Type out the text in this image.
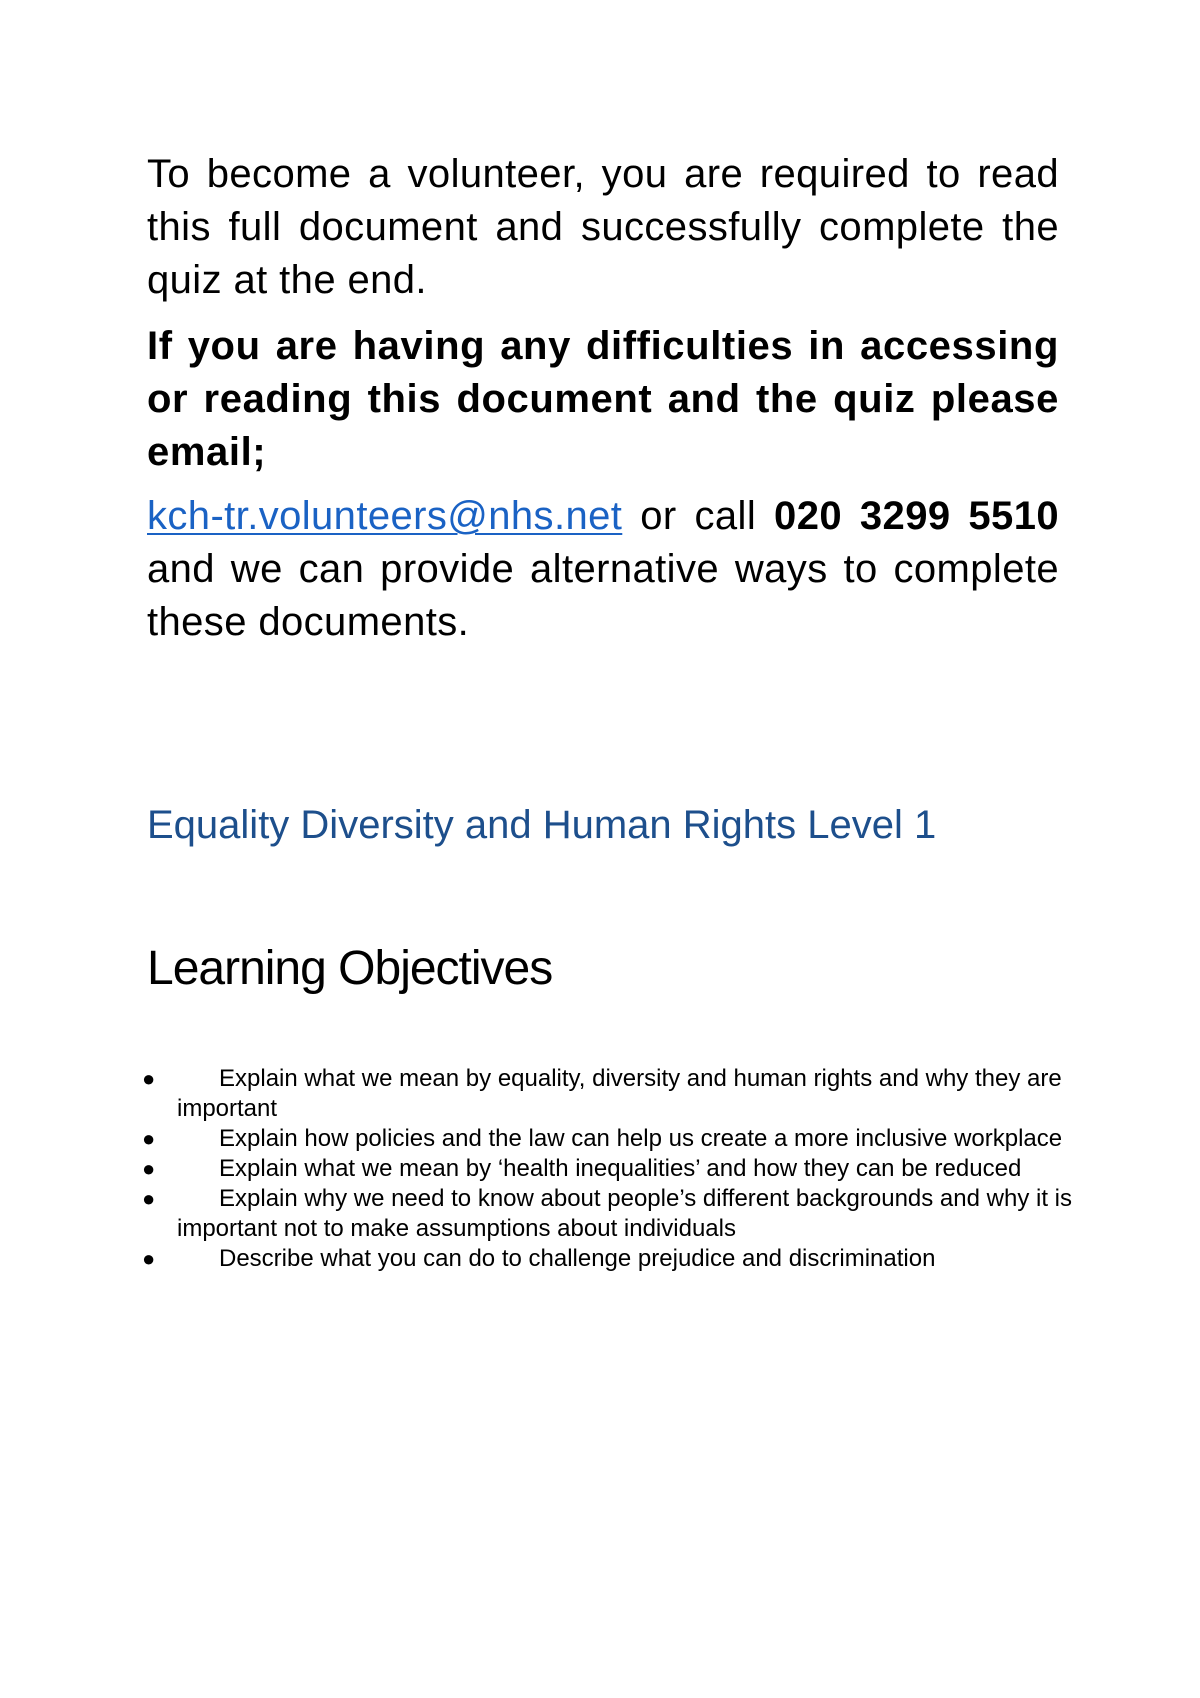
To become a volunteer, you are required to read this full document and successfully complete the quiz at the end.

If you are having any difficulties in accessing or reading this document and the quiz please email;

kch-tr.volunteers@nhs.net or call 020 3299 5510 and we can provide alternative ways to complete these documents.

Equality Diversity and Human Rights Level 1
Learning Objectives
●	Explain what we mean by equality, diversity and human rights and why they are important
●	Explain how policies and the law can help us create a more inclusive workplace
●	Explain what we mean by ‘health inequalities’ and how they can be reduced
●	Explain why we need to know about people’s different backgrounds and why it is important not to make assumptions about individuals
●	Describe what you can do to challenge prejudice and discrimination
